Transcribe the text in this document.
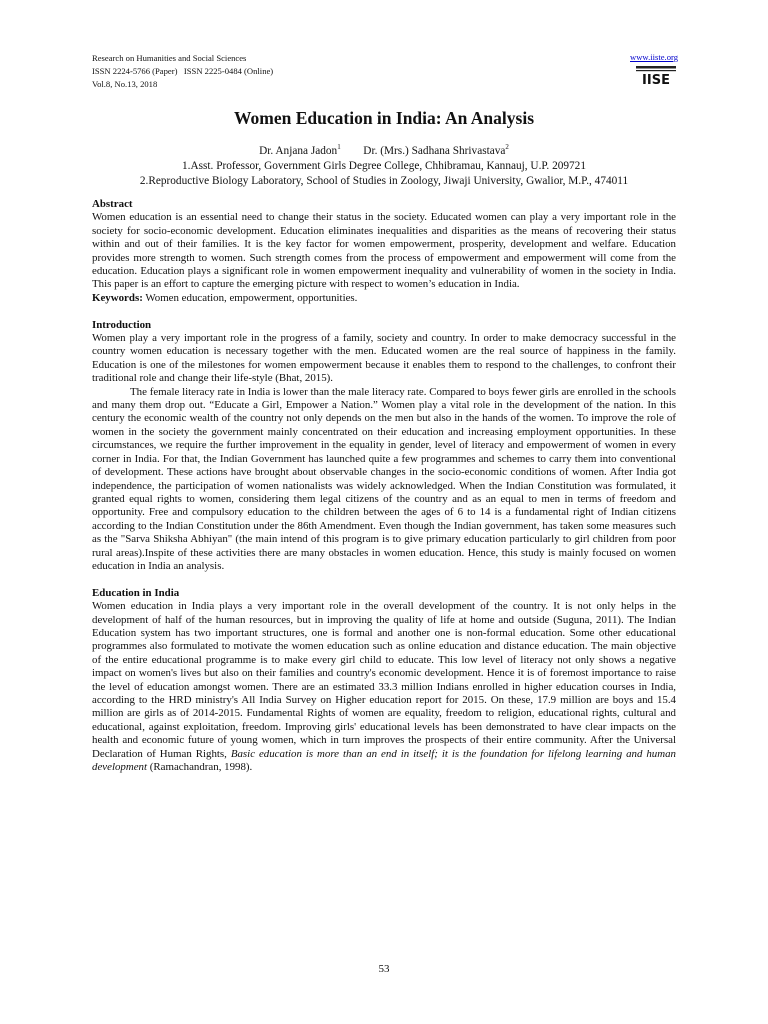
Research on Humanities and Social Sciences
ISSN 2224-5766 (Paper)   ISSN 2225-0484 (Online)
Vol.8, No.13, 2018
www.iiste.org
IISE
Women Education in India: An Analysis

Dr. Anjana Jadon$^1$ Dr. (Mrs.) Sadhana Shrivastava$^2$

1.Asst. Professor, Government Girls Degree College, Chhibramau, Kannauj, U.P. 209721

2.Reproductive Biology Laboratory, School of Studies in Zoology, Jiwaji University, Gwalior, M.P., 474011

Abstract

Women education is an essential need to change their status in the society. Educated women can play a very important role in the society for socio-economic development. Education eliminates inequalities and disparities as the means of recovering their status within and out of their families. It is the key factor for women empowerment, prosperity, development and welfare. Education provides more strength to women. Such strength comes from the process of empowerment and empowerment will come from the education. Education plays a significant role in women empowerment inequality and vulnerability of women in the society in India. This paper is an effort to capture the emerging picture with respect to women’s education in India.

Keywords: Women education, empowerment, opportunities.

Introduction

Women play a very important role in the progress of a family, society and country. In order to make democracy successful in the country women education is necessary together with the men. Educated women are the real source of happiness in the family. Education is one of the milestones for women empowerment because it enables them to respond to the challenges, to confront their traditional role and change their life-style (Bhat, 2015).

The female literacy rate in India is lower than the male literacy rate. Compared to boys fewer girls are enrolled in the schools and many them drop out. “Educate a Girl, Empower a Nation.” Women play a vital role in the development of the nation. In this century the economic wealth of the country not only depends on the men but also in the hands of the women. To improve the role of women in the society the government mainly concentrated on their education and increasing employment opportunities. In these circumstances, we require the further improvement in the equality in gender, level of literacy and empowerment of women in every corner in India. For that, the Indian Government has launched quite a few programmes and schemes to carry them into conventional of development. These actions have brought about observable changes in the socio-economic conditions of women. After India got independence, the participation of women nationalists was widely acknowledged. When the Indian Constitution was formulated, it granted equal rights to women, considering them legal citizens of the country and as an equal to men in terms of freedom and opportunity. Free and compulsory education to the children between the ages of 6 to 14 is a fundamental right of Indian citizens according to the Indian Constitution under the 86th Amendment. Even though the Indian government, has taken some measures such as the "Sarva Shiksha Abhiyan" (the main intend of this program is to give primary education particularly to girl children from poor rural areas).Inspite of these activities there are many obstacles in women education. Hence, this study is mainly focused on women education in India an analysis.

Education in India

Women education in India plays a very important role in the overall development of the country. It is not only helps in the development of half of the human resources, but in improving the quality of life at home and outside (Suguna, 2011). The Indian Education system has two important structures, one is formal and another one is non-formal education. Some other educational programmes also formulated to motivate the women education such as online education and distance education. The main objective of the entire educational programme is to make every girl child to educate. This low level of literacy not only shows a negative impact on women's lives but also on their families and country's economic development. Hence it is of foremost importance to raise the level of education amongst women. There are an estimated 33.3 million Indians enrolled in higher education courses in India, according to the HRD ministry's All India Survey on Higher education report for 2015. On these, 17.9 million are boys and 15.4 million are girls as of 2014-2015. Fundamental Rights of women are equality, freedom to religion, educational rights, cultural and educational, against exploitation, freedom. Improving girls' educational levels has been demonstrated to have clear impacts on the health and economic future of young women, which in turn improves the prospects of their entire community. After the Universal Declaration of Human Rights, Basic education is more than an end in itself; it is the foundation for lifelong learning and human development (Ramachandran, 1998).

53
